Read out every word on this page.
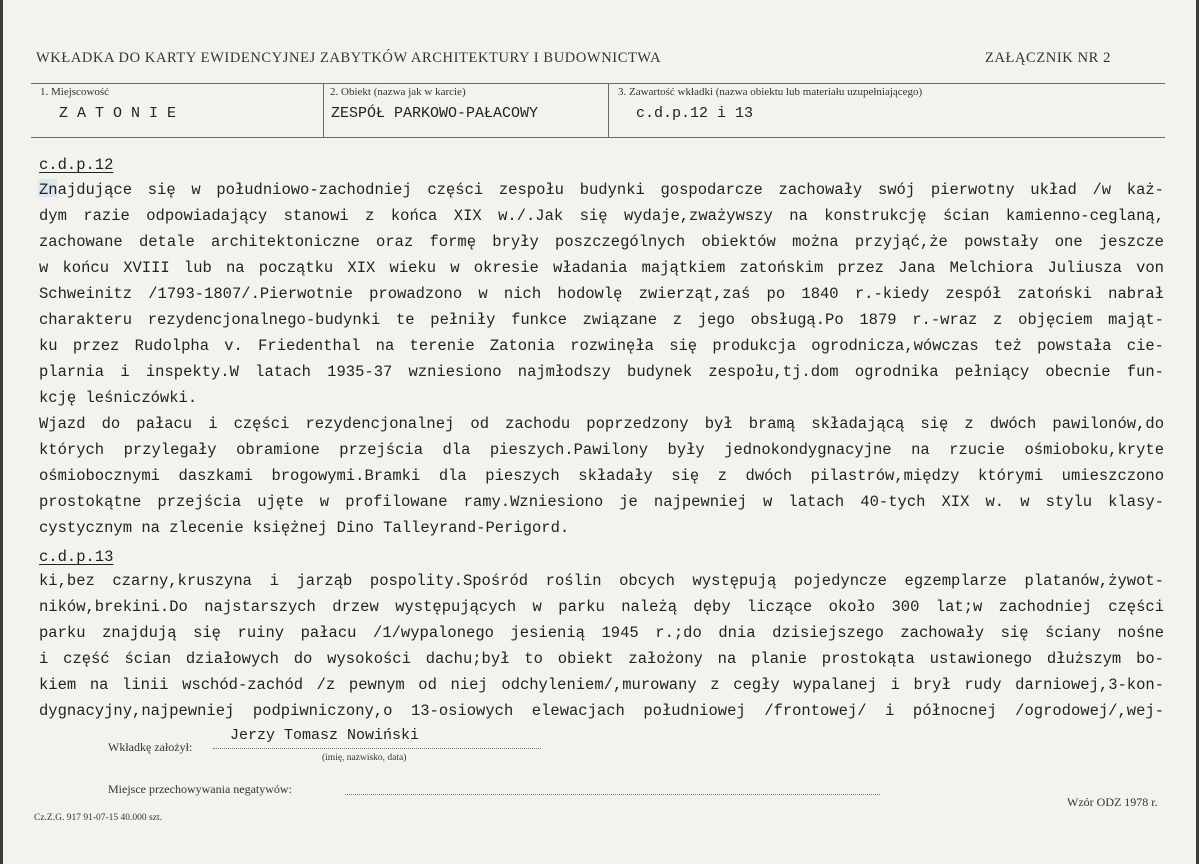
WKŁADKA DO KARTY EWIDENCYJNEJ ZABYTKÓW ARCHITEKTURY I BUDOWNICTWA	ZAŁĄCZNIK NR 2
1. Miejscowość
ZATONIE
2. Obiekt (nazwa jak w karcie)
ZESPÓŁ PARKOWO-PAŁACOWY
3. Zawartość wkładki (nazwa obiektu lub materiału uzupełniającego)
c.d.p.12 i 13
c.d.p.12
Znajdujące się w południowo-zachodniej części zespołu budynki gospodarcze zachowały swój pierwotny układ /w każ-
dym razie odpowiadający stanowi z końca XIX w./.Jak się wydaje,zważywszy na konstrukcję ścian kamienno-ceglaną,
zachowane detale architektoniczne oraz formę bryły poszczególnych obiektów można przyjąć,że powstały one jeszcze
w końcu XVIII lub na początku XIX wieku w okresie władania majątkiem zatońskim przez Jana Melchiora Juliusza von
Schweinitz /1793-1807/.Pierwotnie prowadzono w nich hodowlę zwierząt,zaś po 1840 r.-kiedy zespół zatoński nabrał
charakteru rezydencjonalnego-budynki te pełniły funkce związane z jego obsługą.Po 1879 r.-wraz z objęciem mająt-
ku przez Rudolpha v. Friedenthal na terenie Zatonia rozwinęła się produkcja ogrodnicza,wówczas też powstała cie-
plarnia i inspekty.W latach 1935-37 wzniesiono najmłodszy budynek zespołu,tj.dom ogrodnika pełniący obecnie fun-
kcję leśniczówki.
Wjazd do pałacu i części rezydencjonalnej od zachodu poprzedzony był bramą składającą się z dwóch pawilonów,do
których przylegały obramione przejścia dla pieszych.Pawilony były jednokondygnacyjne na rzucie ośmioboku,kryte
ośmiobocznymi daszkami brogowymi.Bramki dla pieszych składały się z dwóch pilastrów,między którymi umieszczono
prostokątne przejścia ujęte w profilowane ramy.Wzniesiono je najpewniej w latach 40-tych XIX w. w stylu klasy-
cystycznym na zlecenie księżnej Dino Talleyrand-Perigord.
c.d.p.13
ki,bez czarny,kruszyna i jarząb pospolity.Spośród roślin obcych występują pojedyncze egzemplarze platanów,żywot-
ników,brekini.Do najstarszych drzew występujących w parku należą dęby liczące około 300 lat;w zachodniej części
parku znajdują się ruiny pałacu /1/wypalonego jesienią 1945 r.;do dnia dzisiejszego zachowały się ściany nośne
i część ścian działowych do wysokości dachu;był to obiekt założony na planie prostokąta ustawionego dłuższym bo-
kiem na linii wschód-zachód /z pewnym od niej odchyleniem/,murowany z cegły wypalanej i brył rudy darniowej,3-kon-
dygnacyjny,najpewniej podpiwniczony,o 13-osiowych elewacjach południowej /frontowej/ i północnej /ogrodowej/,wej-
Wkładkę założył:
Jerzy Tomasz Nowiński
(imię, nazwisko, data)
Miejsce przechowywania negatywów:
Cz.Z.G. 917 91-07-15 40.000 szt.
Wzór ODZ 1978 r.
